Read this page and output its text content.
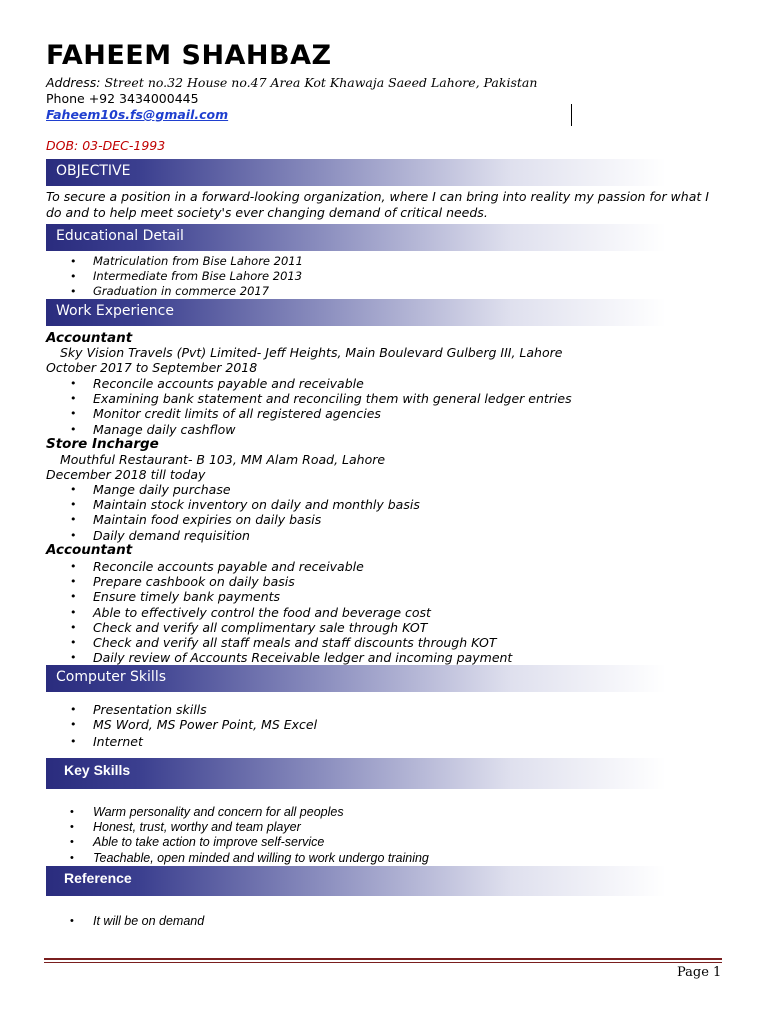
FAHEEM SHAHBAZ
Address: Street no.32 House no.47 Area Kot Khawaja Saeed Lahore, Pakistan
Phone +92 3434000445
Faheem10s.fs@gmail.com
DOB: 03-DEC-1993
OBJECTIVE
To secure a position in a forward-looking organization, where I can bring into reality my passion for what I do and to help meet society's ever changing demand of critical needs.
Educational Detail
• Matriculation from Bise Lahore 2011
• Intermediate from Bise Lahore 2013
• Graduation in commerce 2017
Work Experience
Accountant
Sky Vision Travels (Pvt) Limited- Jeff Heights, Main Boulevard Gulberg III, Lahore
October 2017 to September 2018
• Reconcile accounts payable and receivable
• Examining bank statement and reconciling them with general ledger entries
• Monitor credit limits of all registered agencies
• Manage daily cashflow
Store Incharge
Mouthful Restaurant- B 103, MM Alam Road, Lahore
December 2018 till today
• Mange daily purchase
• Maintain stock inventory on daily and monthly basis
• Maintain food expiries on daily basis
• Daily demand requisition
Accountant
• Reconcile accounts payable and receivable
• Prepare cashbook on daily basis
• Ensure timely bank payments
• Able to effectively control the food and beverage cost
• Check and verify all complimentary sale through KOT
• Check and verify all staff meals and staff discounts through KOT
• Daily review of Accounts Receivable ledger and incoming payment
Computer Skills
• Presentation skills
• MS Word, MS Power Point, MS Excel
• Internet
Key Skills
• Warm personality and concern for all peoples
• Honest, trust, worthy and team player
• Able to take action to improve self-service
• Teachable, open minded and willing to work undergo training
Reference
• It will be on demand
Page 1
